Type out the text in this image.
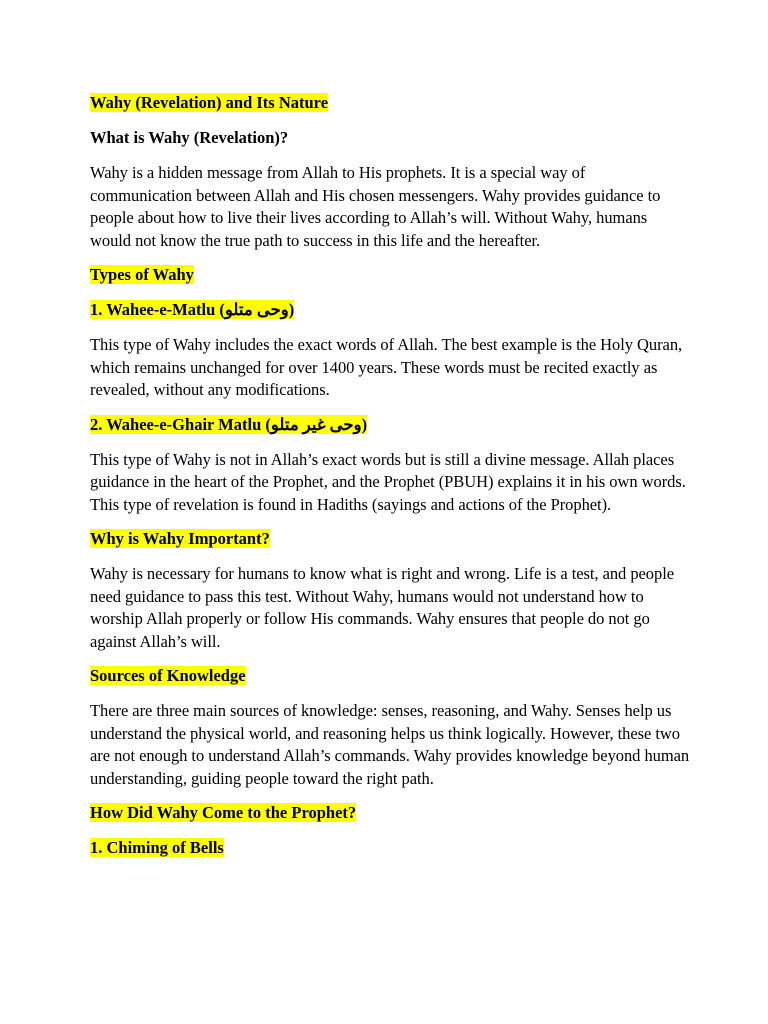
Wahy (Revelation) and Its Nature
What is Wahy (Revelation)?

Wahy is a hidden message from Allah to His prophets. It is a special way of communication between Allah and His chosen messengers. Wahy provides guidance to people about how to live their lives according to Allah’s will. Without Wahy, humans would not know the true path to success in this life and the hereafter.

Types of Wahy
1. Wahee-e-Matlu (وحی متلو)

This type of Wahy includes the exact words of Allah. The best example is the Holy Quran, which remains unchanged for over 1400 years. These words must be recited exactly as revealed, without any modifications.

2. Wahee-e-Ghair Matlu (وحی غیر متلو)

This type of Wahy is not in Allah’s exact words but is still a divine message. Allah places guidance in the heart of the Prophet, and the Prophet (PBUH) explains it in his own words. This type of revelation is found in Hadiths (sayings and actions of the Prophet).

Why is Wahy Important?

Wahy is necessary for humans to know what is right and wrong. Life is a test, and people need guidance to pass this test. Without Wahy, humans would not understand how to worship Allah properly or follow His commands. Wahy ensures that people do not go against Allah’s will.

Sources of Knowledge

There are three main sources of knowledge: senses, reasoning, and Wahy. Senses help us understand the physical world, and reasoning helps us think logically. However, these two are not enough to understand Allah’s commands. Wahy provides knowledge beyond human understanding, guiding people toward the right path.

How Did Wahy Come to the Prophet?
1. Chiming of Bells
